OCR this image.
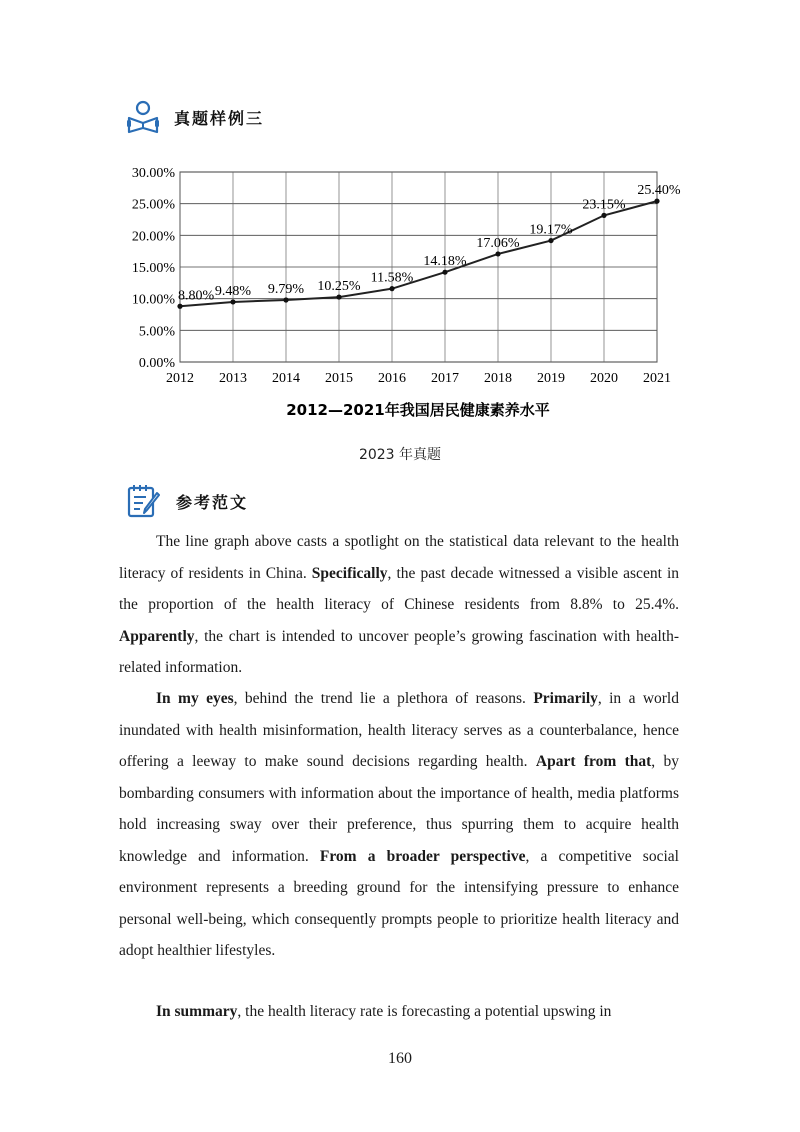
真题样例三
0.00%
5.00%
10.00%
15.00%
20.00%
25.00%
30.00%
2012 2013 2014 2015 2016 2017 2018 2019 2020 2021
8.80% 9.48% 9.79% 10.25%
11.58%
14.18%
17.06%
19.17%
23.15%
25.40%
2012—2021年我国居民健康素养水平
2023 年真题
参考范文

The line graph above casts a spotlight on the statistical data relevant to the health literacy of residents in China. Specifically, the past decade witnessed a visible ascent in the proportion of the health literacy of Chinese residents from 8.8% to 25.4%. Apparently, the chart is intended to uncover people’s growing fascination with health-related information.

In my eyes, behind the trend lie a plethora of reasons. Primarily, in a world inundated with health misinformation, health literacy serves as a counterbalance, hence offering a leeway to make sound decisions regarding health. Apart from that, by bombarding consumers with information about the importance of health, media platforms hold increasing sway over their preference, thus spurring them to acquire health knowledge and information. From a broader perspective, a competitive social environment represents a breeding ground for the intensifying pressure to enhance personal well-being, which consequently prompts people to prioritize health literacy and adopt healthier lifestyles.

In summary, the health literacy rate is forecasting a potential upswing in

160
